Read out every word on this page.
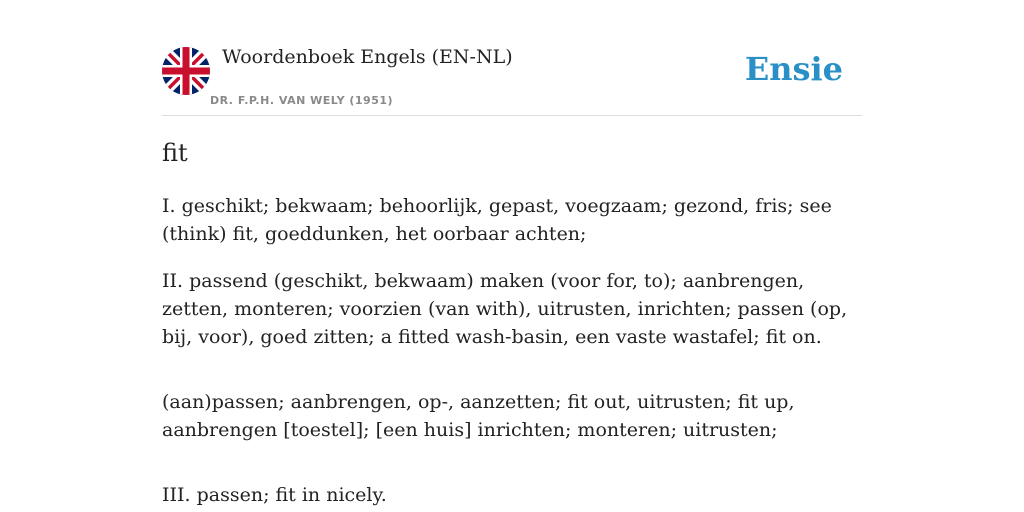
Woordenboek Engels (EN-NL)
DR. F.P.H. VAN WELY (1951)
Ensie
fit

I. geschikt; bekwaam; behoorlijk, gepast, voegzaam; gezond, fris; see (think) fit, goeddunken, het oorbaar achten;

II. passend (geschikt, bekwaam) maken (voor for, to); aanbrengen, zetten, monteren; voorzien (van with), uitrusten, inrichten; passen (op, bij, voor), goed zitten; a fitted wash-basin, een vaste wastafel; fit on.

(aan)passen; aanbrengen, op-, aanzetten; fit out, uitrusten; fit up, aanbrengen [toestel]; [een huis] inrichten; monteren; uitrusten;

III. passen; fit in nicely.
